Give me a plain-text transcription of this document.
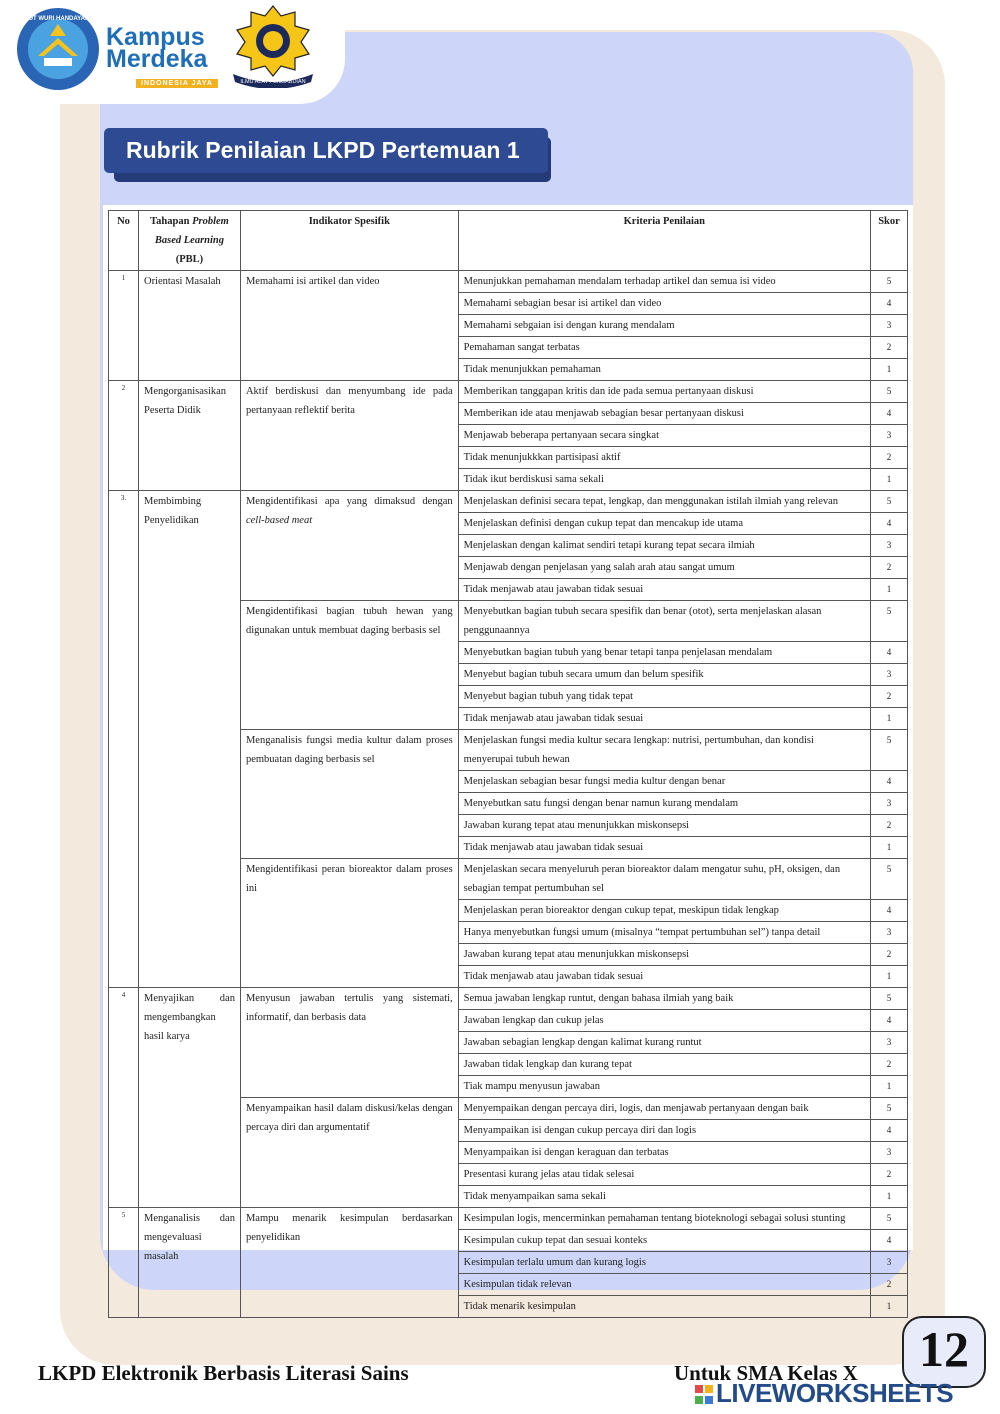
TUT WURI HANDAYANI
Kampus
Merdeka
INDONESIA JAYA	ILMU ALAT PENGABDIAN
Rubrik Penilaian LKPD Pertemuan 1
No	Tahapan Problem Based Learning (PBL)	Indikator Spesifik	Kriteria Penilaian	Skor
1	Orientasi Masalah	Memahami isi artikel dan video	Menunjukkan pemahaman mendalam terhadap artikel dan semua isi video	5
			Memahami sebagian besar isi artikel dan video	4
			Memahami sebgaian isi dengan kurang mendalam	3
			Pemahaman sangat terbatas	2
			Tidak menunjukkan pemahaman	1
2	Mengorganisasikan Peserta Didik	Aktif berdiskusi dan menyumbang ide pada pertanyaan reflektif berita	Memberikan tanggapan kritis dan ide pada semua pertanyaan diskusi	5
			Memberikan ide atau menjawab sebagian besar pertanyaan diskusi	4
			Menjawab beberapa pertanyaan secara singkat	3
			Tidak menunjukkkan partisipasi aktif	2
			Tidak ikut berdiskusi sama sekali	1
3.	Membimbing Penyelidikan	Mengidentifikasi apa yang dimaksud dengan cell-based meat	Menjelaskan definisi secara tepat, lengkap, dan menggunakan istilah ilmiah yang relevan	5
			Menjelaskan definisi dengan cukup tepat dan mencakup ide utama	4
			Menjelaskan dengan kalimat sendiri tetapi kurang tepat secara ilmiah	3
			Menjawab dengan penjelasan yang salah arah atau sangat umum	2
			Tidak menjawab atau jawaban tidak sesuai	1
		Mengidentifikasi bagian tubuh hewan yang digunakan untuk membuat daging berbasis sel	Menyebutkan bagian tubuh secara spesifik dan benar (otot), serta menjelaskan alasan penggunaannya	5
			Menyebutkan bagian tubuh yang benar tetapi tanpa penjelasan mendalam	4
			Menyebut bagian tubuh secara umum dan belum spesifik	3
			Menyebut bagian tubuh yang tidak tepat	2
			Tidak menjawab atau jawaban tidak sesuai	1
		Menganalisis fungsi media kultur dalam proses pembuatan daging berbasis sel	Menjelaskan fungsi media kultur secara lengkap: nutrisi, pertumbuhan, dan kondisi menyerupai tubuh hewan	5
			Menjelaskan sebagian besar fungsi media kultur dengan benar	4
			Menyebutkan satu fungsi dengan benar namun kurang mendalam	3
			Jawaban kurang tepat atau menunjukkan miskonsepsi	2
			Tidak menjawab atau jawaban tidak sesuai	1
		Mengidentifikasi peran bioreaktor dalam proses ini	Menjelaskan secara menyeluruh peran bioreaktor dalam mengatur suhu, pH, oksigen, dan sebagian tempat pertumbuhan sel	5
			Menjelaskan peran bioreaktor dengan cukup tepat, meskipun tidak lengkap	4
			Hanya menyebutkan fungsi umum (misalnya “tempat pertumbuhan sel”) tanpa detail	3
			Jawaban kurang tepat atau menunjukkan miskonsepsi	2
			Tidak menjawab atau jawaban tidak sesuai	1
4	Menyajikan dan mengembangkan hasil karya	Menyusun jawaban tertulis yang sistemati, informatif, dan berbasis data	Semua jawaban lengkap runtut, dengan bahasa ilmiah yang baik	5
			Jawaban lengkap dan cukup jelas	4
			Jawaban sebagian lengkap dengan kalimat kurang runtut	3
			Jawaban tidak lengkap dan kurang tepat	2
			Tiak mampu menyusun jawaban	1
		Menyampaikan hasil dalam diskusi/kelas dengan percaya diri dan argumentatif	Menyempaikan dengan percaya diri, logis, dan menjawab pertanyaan dengan baik	5
			Menyampaikan isi dengan cukup percaya diri dan logis	4
			Menyampaikan isi dengan keraguan dan terbatas	3
			Presentasi kurang jelas atau tidak selesai	2
			Tidak menyampaikan sama sekali	1
5	Menganalisis dan mengevaluasi masalah	Mampu menarik kesimpulan berdasarkan penyelidikan	Kesimpulan logis, mencerminkan pemahaman tentang bioteknologi sebagai solusi stunting	5
			Kesimpulan cukup tepat dan sesuai konteks	4
			Kesimpulan terlalu umum dan kurang logis	3
			Kesimpulan tidak relevan	2
			Tidak menarik kesimpulan	1
LKPD Elektronik Berbasis Literasi Sains	Untuk SMA Kelas X	12
LIVEWORKSHEETS
